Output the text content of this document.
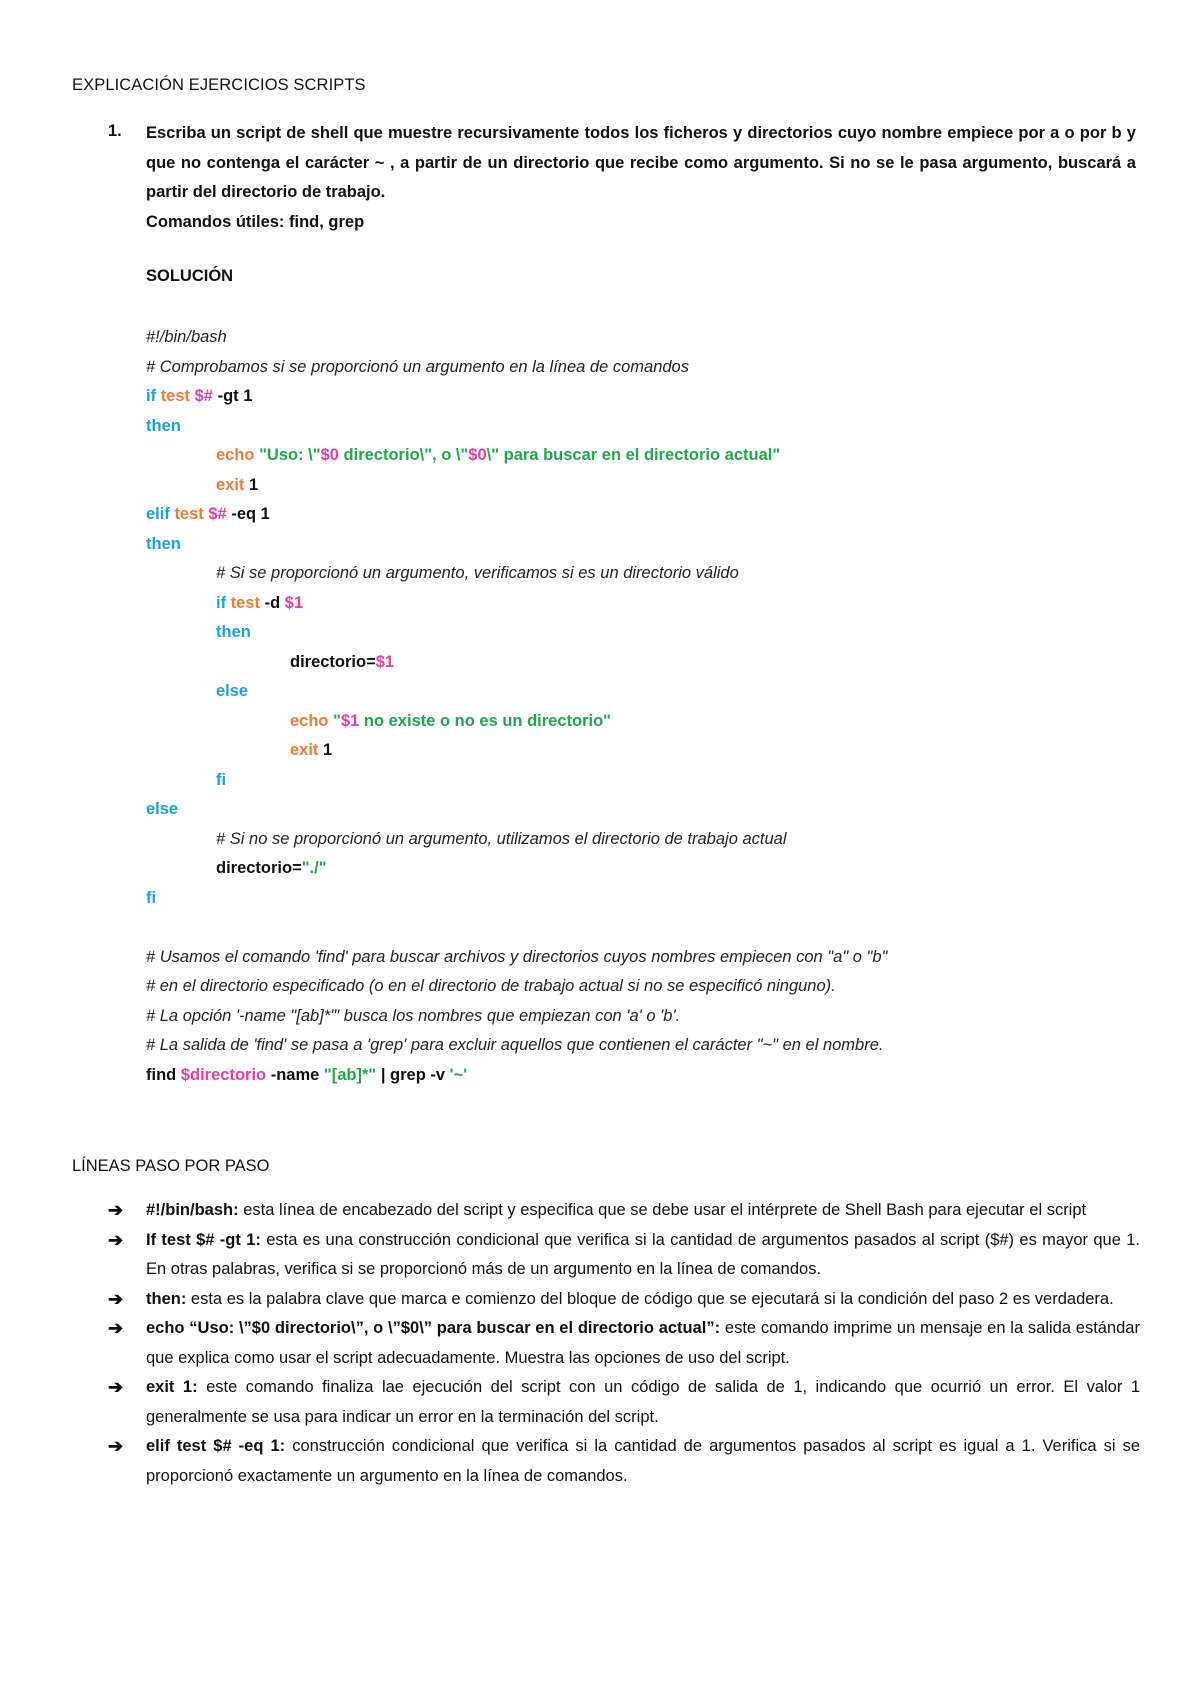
EXPLICACIÓN EJERCICIOS SCRIPTS
1. Escriba un script de shell que muestre recursivamente todos los ficheros y directorios cuyo nombre empiece por a o por b y que no contenga el carácter ~ , a partir de un directorio que recibe como argumento. Si no se le pasa argumento, buscará a partir del directorio de trabajo.
Comandos útiles: find, grep
SOLUCIÓN
#!/bin/bash
# Comprobamos si se proporcionó un argumento en la línea de comandos
if test $# -gt 1
then
echo "Uso: \"$0 directorio\", o \"$0\" para buscar en el directorio actual"
exit 1
elif test $# -eq 1
then
# Si se proporcionó un argumento, verificamos si es un directorio válido
if test -d $1
then
directorio=$1
else
echo "$1 no existe o no es un directorio"
exit 1
fi
else
# Si no se proporcionó un argumento, utilizamos el directorio de trabajo actual
directorio="./"
fi
# Usamos el comando 'find' para buscar archivos y directorios cuyos nombres empiecen con "a" o "b"
# en el directorio especificado (o en el directorio de trabajo actual si no se especificó ninguno).
# La opción '-name "[ab]*"' busca los nombres que empiezan con 'a' o 'b'.
# La salida de 'find' se pasa a 'grep' para excluir aquellos que contienen el carácter "~" en el nombre.
find $directorio -name "[ab]*" | grep -v '~'
LÍNEAS PASO POR PASO
➔ #!/bin/bash: esta línea de encabezado del script y especifica que se debe usar el intérprete de Shell Bash para ejecutar el script
➔ If test $# -gt 1: esta es una construcción condicional que verifica si la cantidad de argumentos pasados al script ($#) es mayor que 1. En otras palabras, verifica si se proporcionó más de un argumento en la línea de comandos.
➔ then: esta es la palabra clave que marca e comienzo del bloque de código que se ejecutará si la condición del paso 2 es verdadera.
➔ echo “Uso: \”$0 directorio\”, o \”$0\” para buscar en el directorio actual”: este comando imprime un mensaje en la salida estándar que explica como usar el script adecuadamente. Muestra las opciones de uso del script.
➔ exit 1: este comando finaliza lae ejecución del script con un código de salida de 1, indicando que ocurrió un error. El valor 1 generalmente se usa para indicar un error en la terminación del script.
➔ elif test $# -eq 1: construcción condicional que verifica si la cantidad de argumentos pasados al script es igual a 1. Verifica si se proporcionó exactamente un argumento en la línea de comandos.
